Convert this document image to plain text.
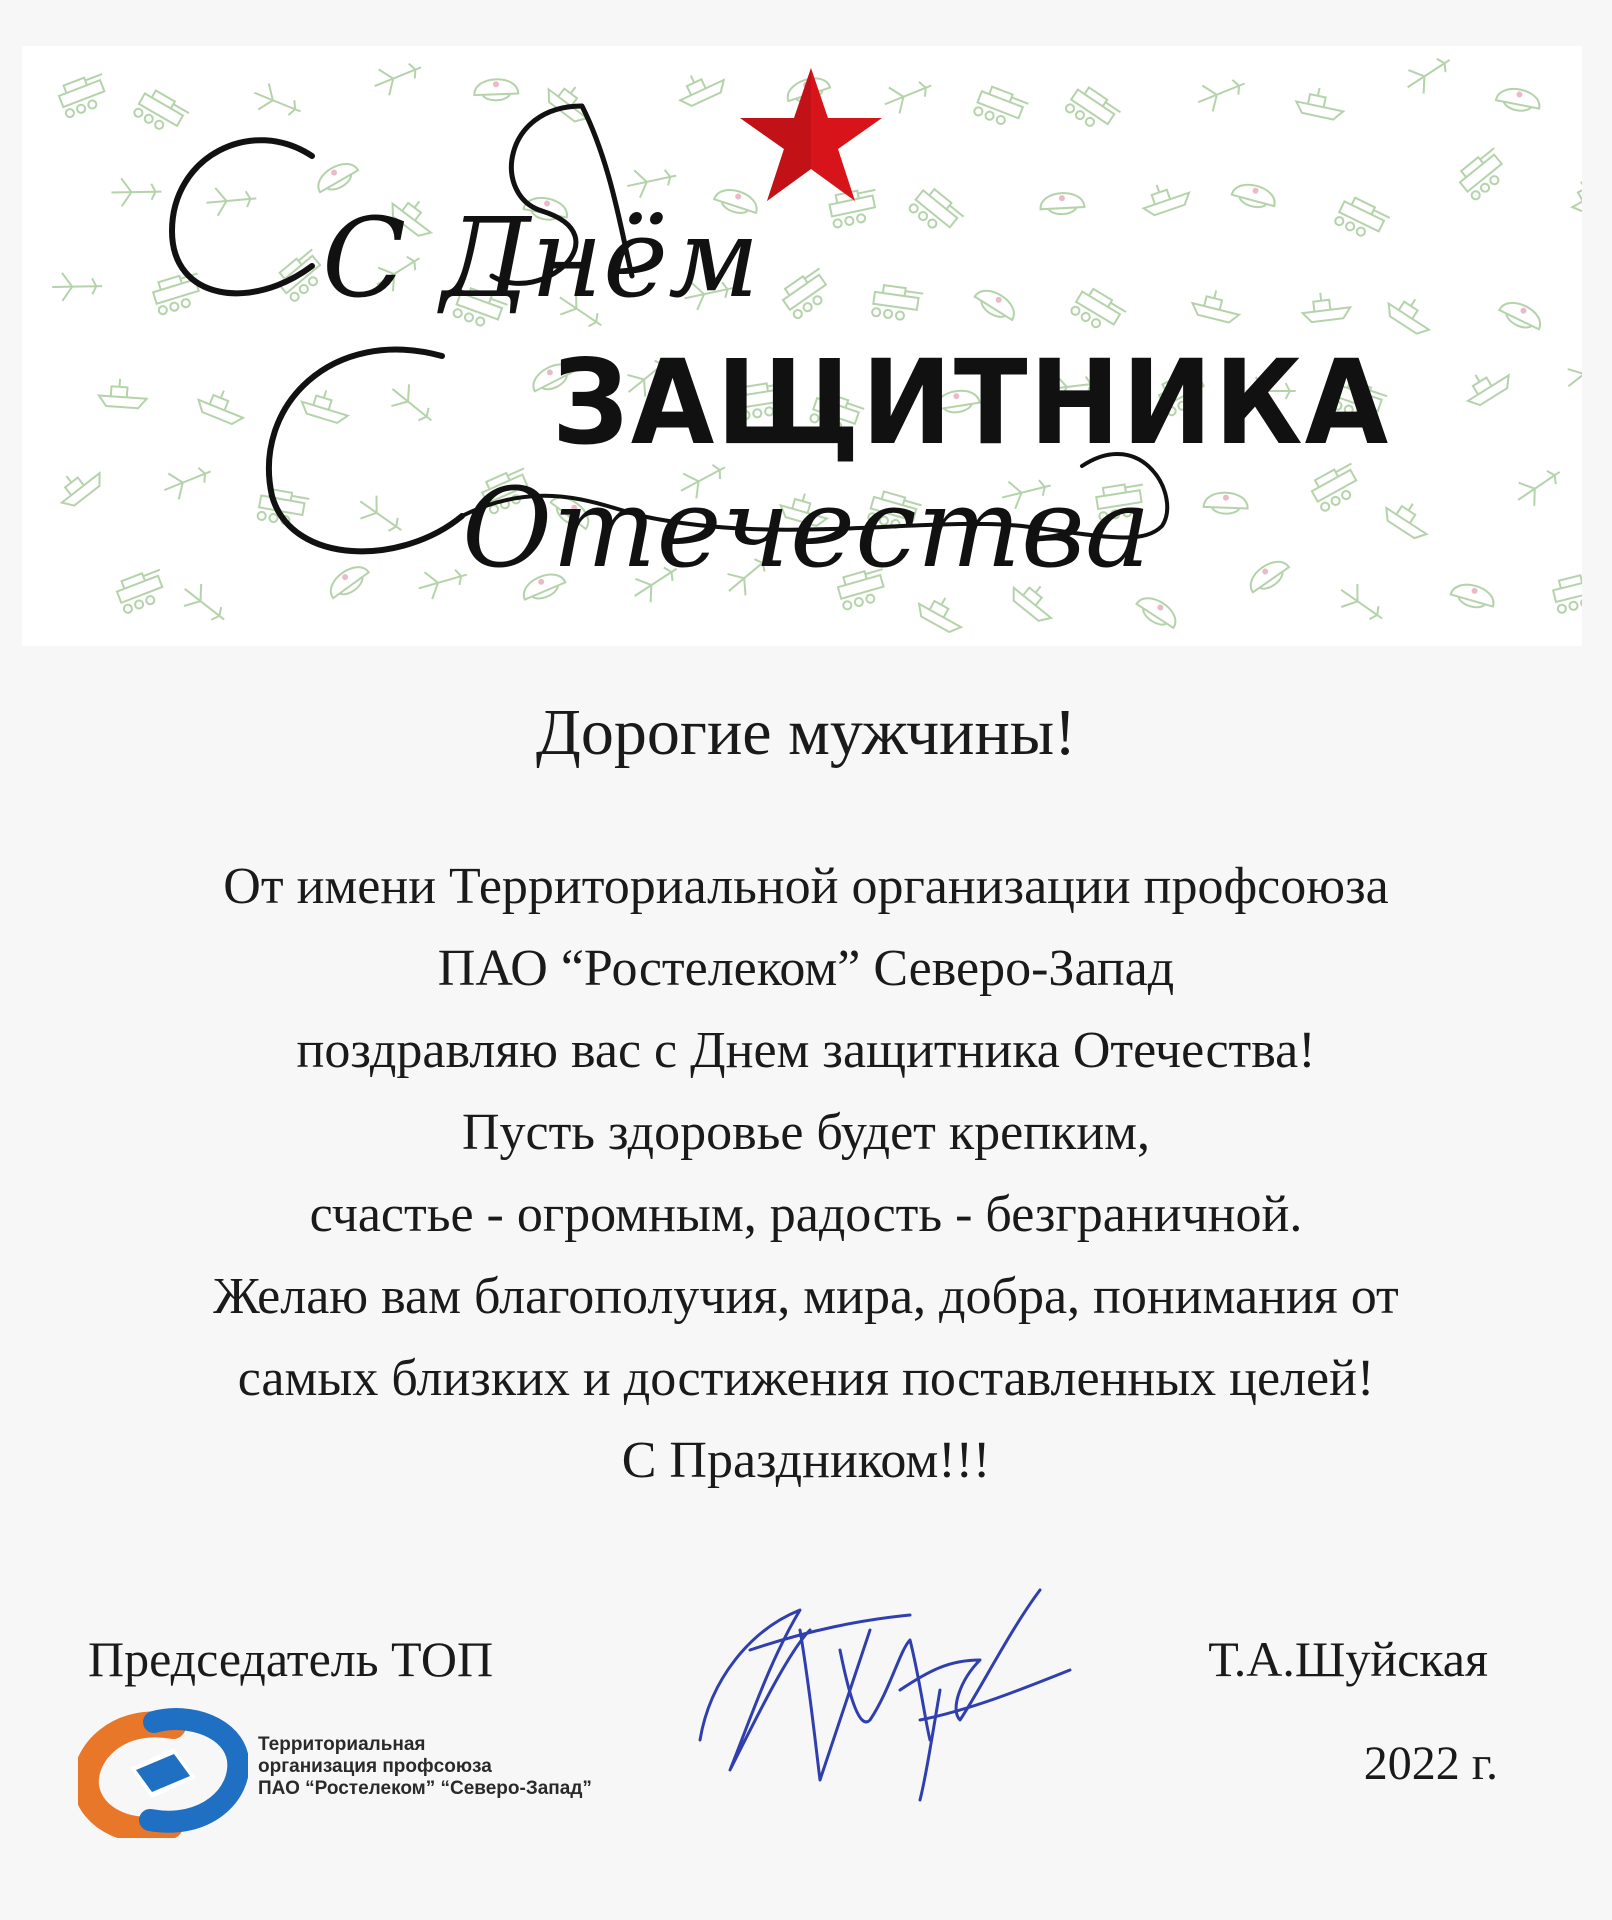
С Днём
Отечества
ЗАЩИТНИКА
Дорогие мужчины!
От имени Территориальной организации профсоюза
ПАО “Ростелеком” Северо-Запад
поздравляю вас с Днем защитника Отечества!
Пусть здоровье будет крепким,
счастье - огромным, радость - безграничной.
Желаю вам благополучия, мира, добра, понимания от
самых близких и достижения поставленных целей!
С Праздником!!!
Председатель ТОП	Т.А.Шуйская
2022 г.
Территориальная
организация профсоюза
ПАО “Ростелеком” “Северо-Запад”
